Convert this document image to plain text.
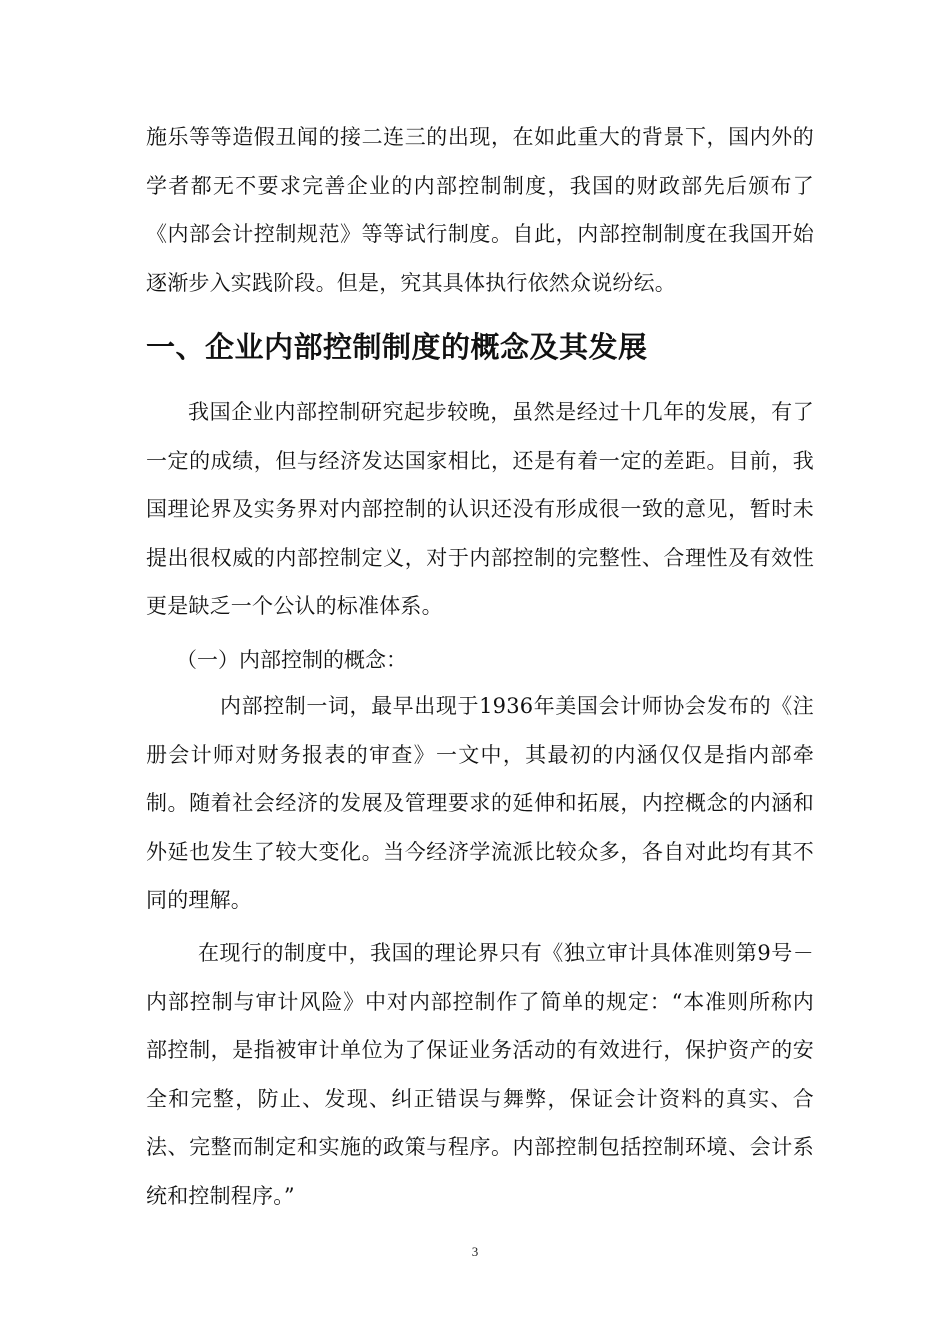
施乐等等造假丑闻的接二连三的出现，在如此重大的背景下，国内外的学者都无不要求完善企业的内部控制制度，我国的财政部先后颁布了《内部会计控制规范》等等试行制度。自此，内部控制制度在我国开始逐渐步入实践阶段。但是，究其具体执行依然众说纷纭。

一、企业内部控制制度的概念及其发展

我国企业内部控制研究起步较晚，虽然是经过十几年的发展，有了一定的成绩，但与经济发达国家相比，还是有着一定的差距。目前，我国理论界及实务界对内部控制的认识还没有形成很一致的意见，暂时未提出很权威的内部控制定义，对于内部控制的完整性、合理性及有效性更是缺乏一个公认的标准体系。

（一）内部控制的概念：

内部控制一词，最早出现于1936年美国会计师协会发布的《注册会计师对财务报表的审查》一文中，其最初的内涵仅仅是指内部牵制。随着社会经济的发展及管理要求的延伸和拓展，内控概念的内涵和外延也发生了较大变化。当今经济学流派比较众多，各自对此均有其不同的理解。

在现行的制度中，我国的理论界只有《独立审计具体准则第9号－内部控制与审计风险》中对内部控制作了简单的规定：“本准则所称内部控制，是指被审计单位为了保证业务活动的有效进行，保护资产的安全和完整，防止、发现、纠正错误与舞弊，保证会计资料的真实、合法、完整而制定和实施的政策与程序。内部控制包括控制环境、会计系统和控制程序。”

3
